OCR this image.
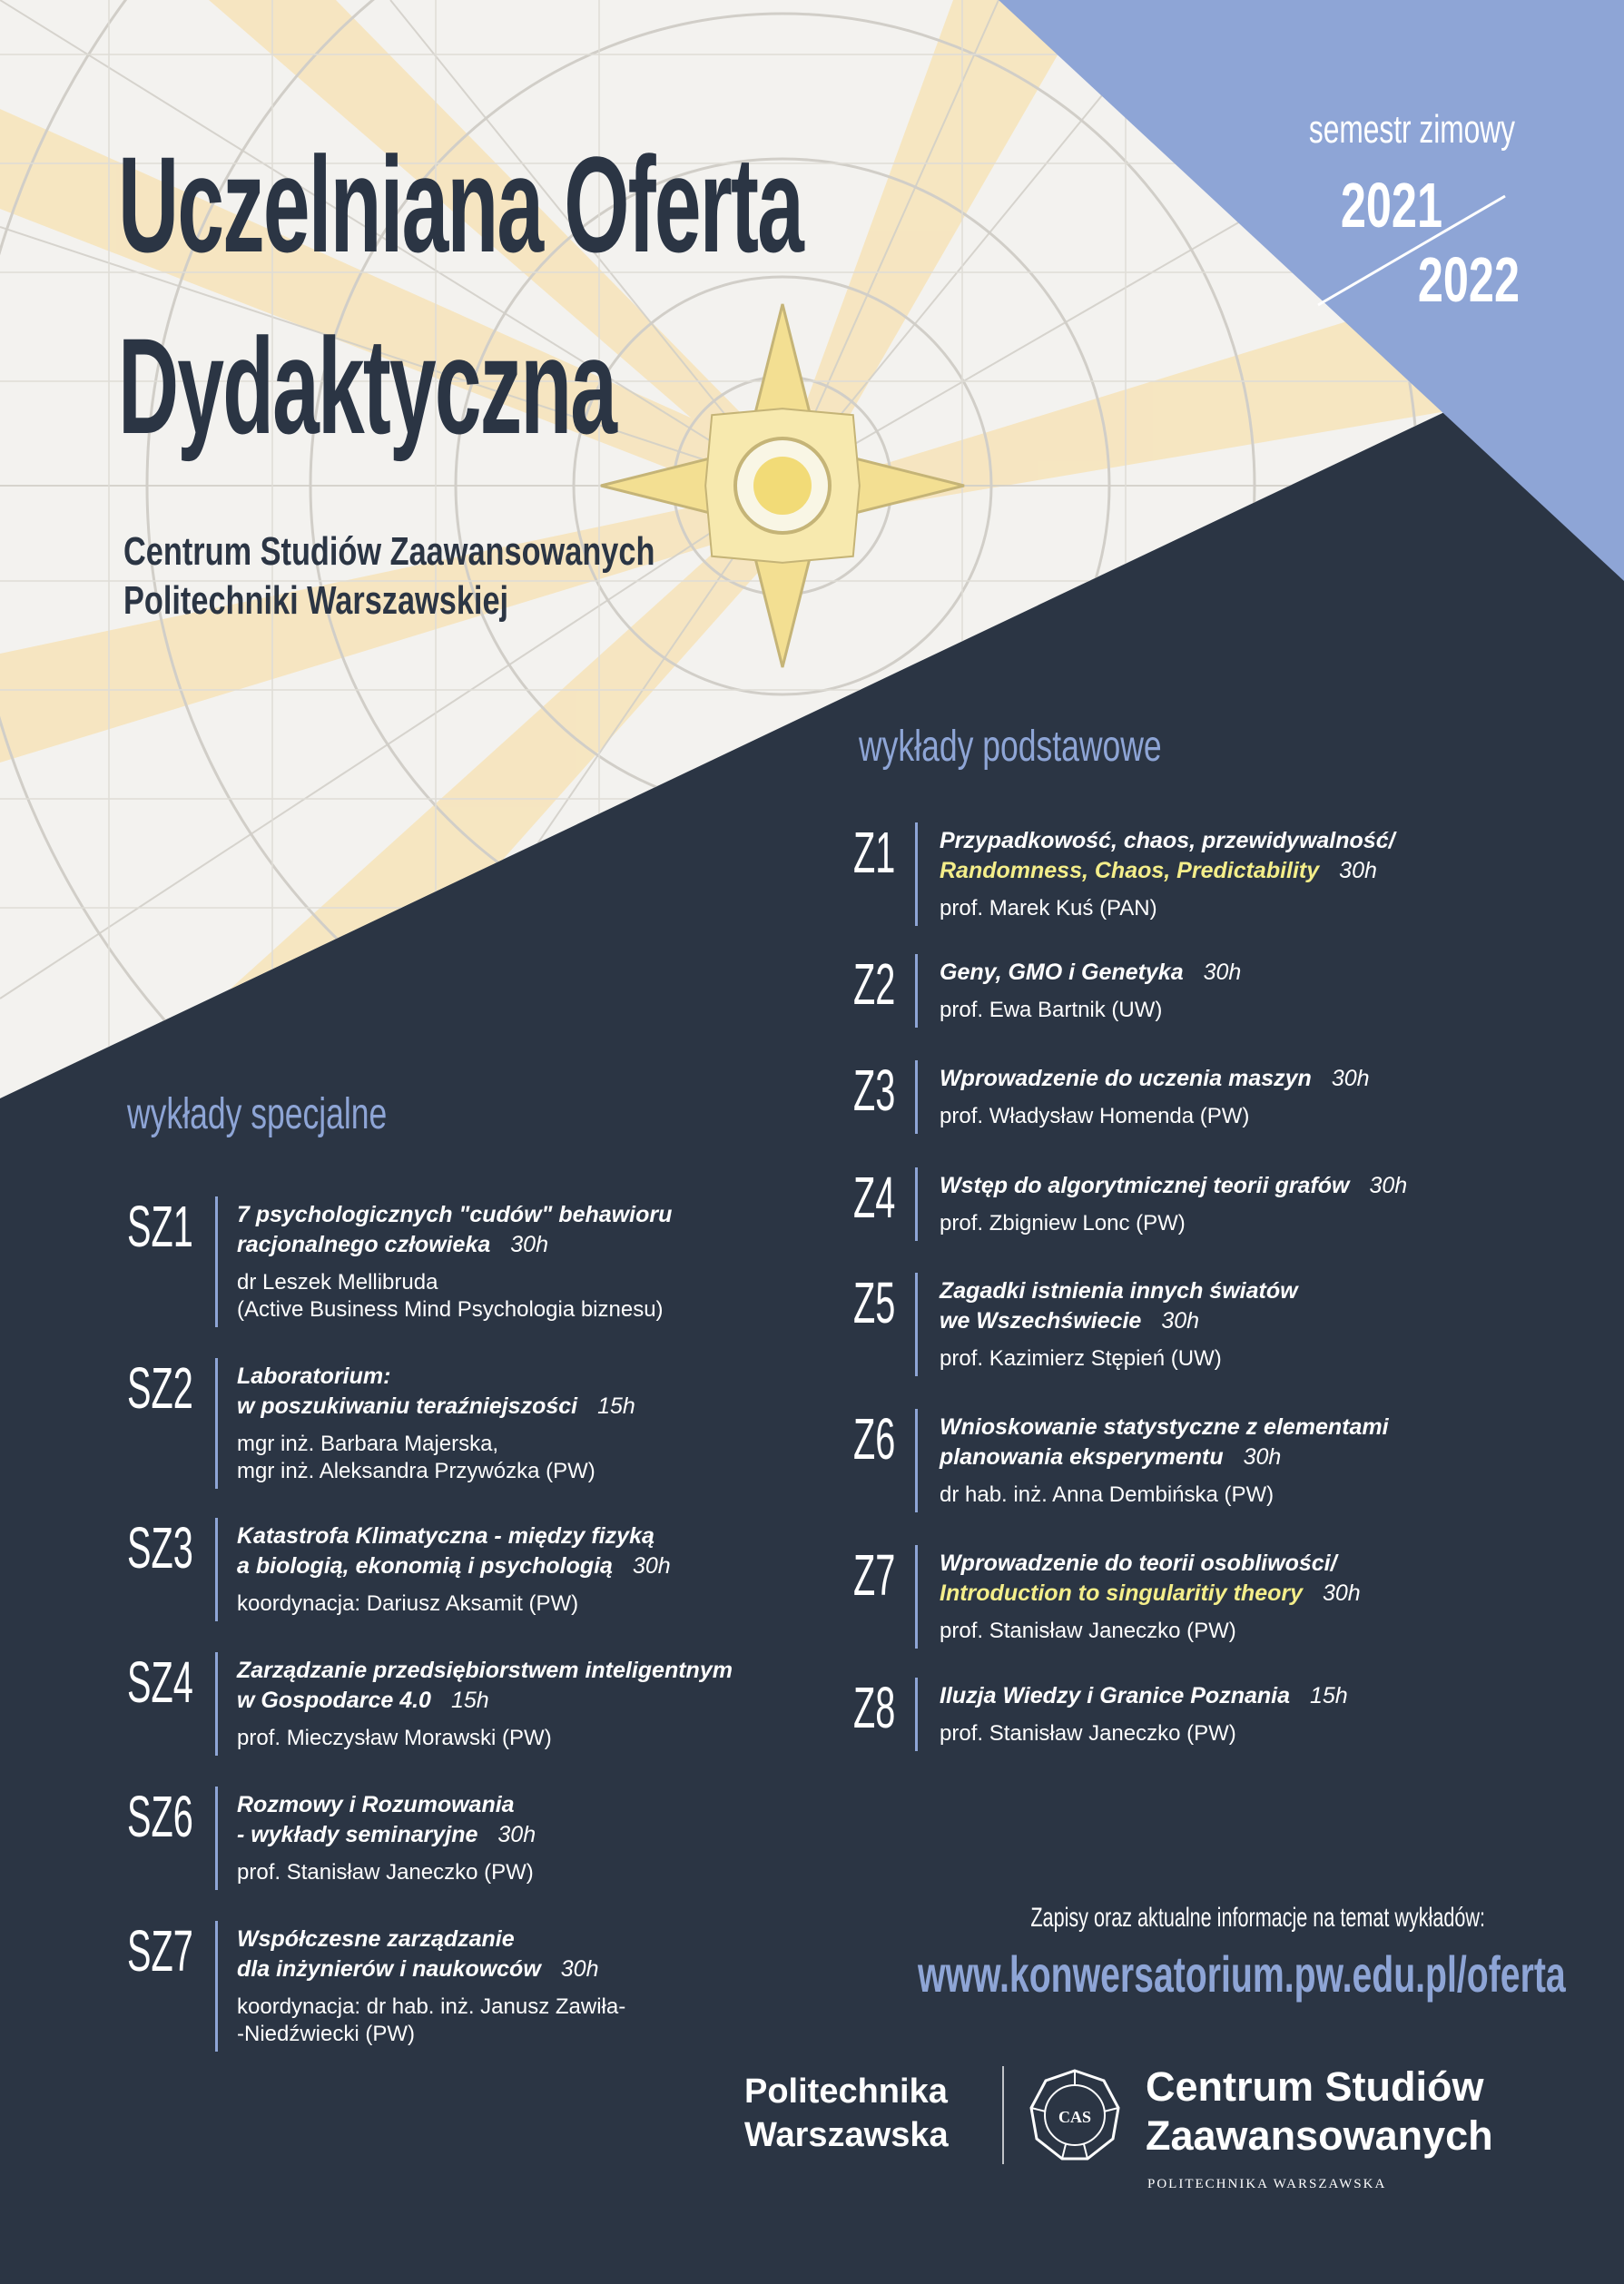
Uczelniana Oferta
Dydaktyczna
Centrum Studiów Zaawansowanych
Politechniki Warszawskiej
semestr zimowy
2021
2022
wykłady specjalne
wykłady podstawowe
SZ1 7 psychologicznych "cudów" behawioru
racjonalnego człowieka 30h
dr Leszek Mellibruda
(Active Business Mind Psychologia biznesu)
SZ2 Laboratorium:
w poszukiwaniu teraźniejszości 15h
mgr inż. Barbara Majerska,
mgr inż. Aleksandra Przywózka (PW)
SZ3 Katastrofa Klimatyczna - między fizyką
a biologią, ekonomią i psychologią 30h
koordynacja: Dariusz Aksamit (PW)
SZ4 Zarządzanie przedsiębiorstwem inteligentnym
w Gospodarce 4.0 15h
prof. Mieczysław Morawski (PW)
SZ6 Rozmowy i Rozumowania
- wykłady seminaryjne 30h
prof. Stanisław Janeczko (PW)
SZ7 Współczesne zarządzanie
dla inżynierów i naukowców 30h
koordynacja: dr hab. inż. Janusz Zawiła-
-Niedźwiecki (PW)
Z1 Przypadkowość, chaos, przewidywalność/
Randomness, Chaos, Predictability 30h
prof. Marek Kuś (PAN)
Z2 Geny, GMO i Genetyka 30h
prof. Ewa Bartnik (UW)
Z3 Wprowadzenie do uczenia maszyn 30h
prof. Władysław Homenda (PW)
Z4 Wstęp do algorytmicznej teorii grafów 30h
prof. Zbigniew Lonc (PW)
Z5 Zagadki istnienia innych światów
we Wszechświecie 30h
prof. Kazimierz Stępień (UW)
Z6 Wnioskowanie statystyczne z elementami
planowania eksperymentu 30h
dr hab. inż. Anna Dembińska (PW)
Z7 Wprowadzenie do teorii osobliwości/
Introduction to singularitiy theory 30h
prof. Stanisław Janeczko (PW)
Z8 Iluzja Wiedzy i Granice Poznania 15h
prof. Stanisław Janeczko (PW)
Zapisy oraz aktualne informacje na temat wykładów:
www.konwersatorium.pw.edu.pl/oferta
Politechnika
Warszawska	CAS
Centrum Studiów
Zaawansowanych
POLITECHNIKA WARSZAWSKA
